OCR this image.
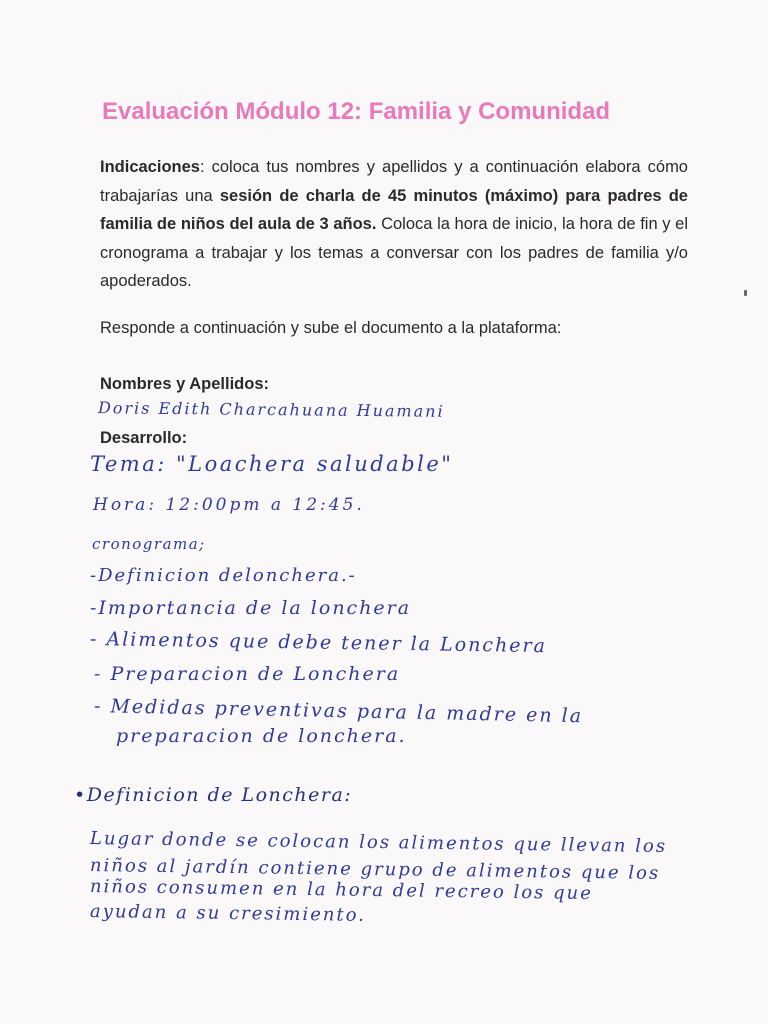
Evaluación Módulo 12: Familia y Comunidad
Indicaciones: coloca tus nombres y apellidos y a continuación elabora cómo trabajarías una sesión de charla de 45 minutos (máximo) para padres de familia de niños del aula de 3 años. Coloca la hora de inicio, la hora de fin y el cronograma a trabajar y los temas a conversar con los padres de familia y/o apoderados.
Responde a continuación y sube el documento a la plataforma:
Nombres y Apellidos:
Doris Edith Charcahuana Huamani
Desarrollo:
Tema: "Loachera saludable"
Hora: 12:00pm a 12:45.
cronograma;
-Definicion delonchera.-
-Importancia de la lonchera
- Alimentos que debe tener la Lonchera
- Preparacion de Lonchera
- Medidas preventivas para la madre en la
preparacion de lonchera.
•Definicion de Lonchera:
Lugar donde se colocan los alimentos que llevan los
niños al jardín contiene grupo de alimentos que los
niños consumen en la hora del recreo los que
ayudan a su cresimiento.
